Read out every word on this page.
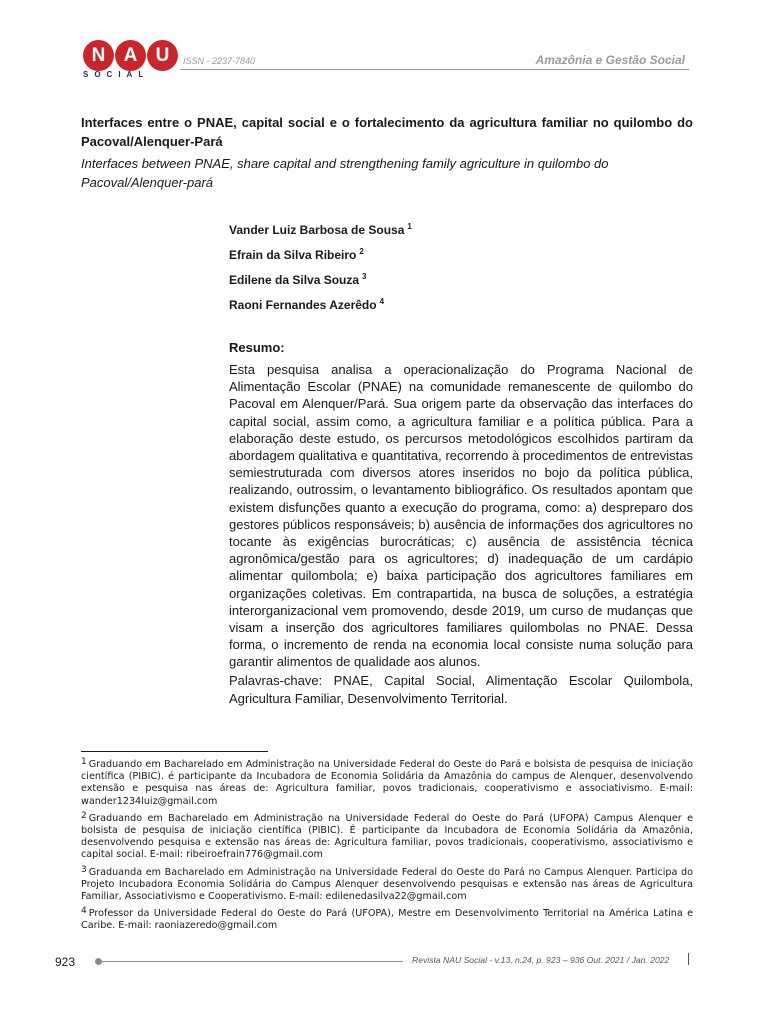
N A U
SOCIAL
ISSN - 2237-7840	Amazônia e Gestão Social
Interfaces entre o PNAE, capital social e o fortalecimento da agricultura familiar no quilombo do Pacoval/Alenquer-Pará
Interfaces between PNAE, share capital and strengthening family agriculture in quilombo do Pacoval/Alenquer-pará
Vander Luiz Barbosa de Sousa $^1$
Efrain da Silva Ribeiro $^2$
Edilene da Silva Souza $^3$
Raoni Fernandes Azerêdo $^4$
Resumo:
Esta pesquisa analisa a operacionalização do Programa Nacional de Alimentação Escolar (PNAE) na comunidade remanescente de quilombo do Pacoval em Alenquer/Pará. Sua origem parte da observação das interfaces do capital social, assim como, a agricultura familiar e a política pública. Para a elaboração deste estudo, os percursos metodológicos escolhidos partiram da abordagem qualitativa e quantitativa, recorrendo à procedimentos de entrevistas semiestruturada com diversos atores inseridos no bojo da política pública, realizando, outrossim, o levantamento bibliográfico. Os resultados apontam que existem disfunções quanto a execução do programa, como: a) despreparo dos gestores públicos responsáveis; b) ausência de informações dos agricultores no tocante às exigências burocráticas; c) ausência de assistência técnica agronômica/gestão para os agricultores; d) inadequação de um cardápio alimentar quilombola; e) baixa participação dos agricultores familiares em organizações coletivas. Em contrapartida, na busca de soluções, a estratégia interorganizacional vem promovendo, desde 2019, um curso de mudanças que visam a inserção dos agricultores familiares quilombolas no PNAE. Dessa forma, o incremento de renda na economia local consiste numa solução para garantir alimentos de qualidade aos alunos.
Palavras-chave: PNAE, Capital Social, Alimentação Escolar Quilombola, Agricultura Familiar, Desenvolvimento Territorial.
$^1$ Graduando em Bacharelado em Administração na Universidade Federal do Oeste do Pará e bolsista de pesquisa de iniciação científica (PIBIC). é participante da Incubadora de Economia Solidária da Amazônia do campus de Alenquer, desenvolvendo extensão e pesquisa nas áreas de: Agricultura familiar, povos tradicionais, cooperativismo e associativismo. E-mail: wander1234luiz@gmail.com
$^2$ Graduando em Bacharelado em Administração na Universidade Federal do Oeste do Pará (UFOPA) Campus Alenquer e bolsista de pesquisa de iniciação científica (PIBIC). É participante da Incubadora de Economia Solidária da Amazônia, desenvolvendo pesquisa e extensão nas áreas de: Agricultura familiar, povos tradicionais, cooperativismo, associativismo e capital social. E-mail: ribeiroefrain776@gmail.com
$^3$ Graduanda em Bacharelado em Administração na Universidade Federal do Oeste do Pará no Campus Alenquer. Participa do Projeto Incubadora Economia Solidária do Campus Alenquer desenvolvendo pesquisas e extensão nas áreas de Agricultura Familiar, Associativismo e Cooperativismo. E-mail: edilenedasilva22@gmail.com
$^4$ Professor da Universidade Federal do Oeste do Pará (UFOPA), Mestre em Desenvolvimento Territorial na América Latina e Caribe. E-mail: raoniazeredo@gmail.com
923	Revista NAU Social - v.13, n.24, p. 923 – 936 Out. 2021 / Jan. 2022
